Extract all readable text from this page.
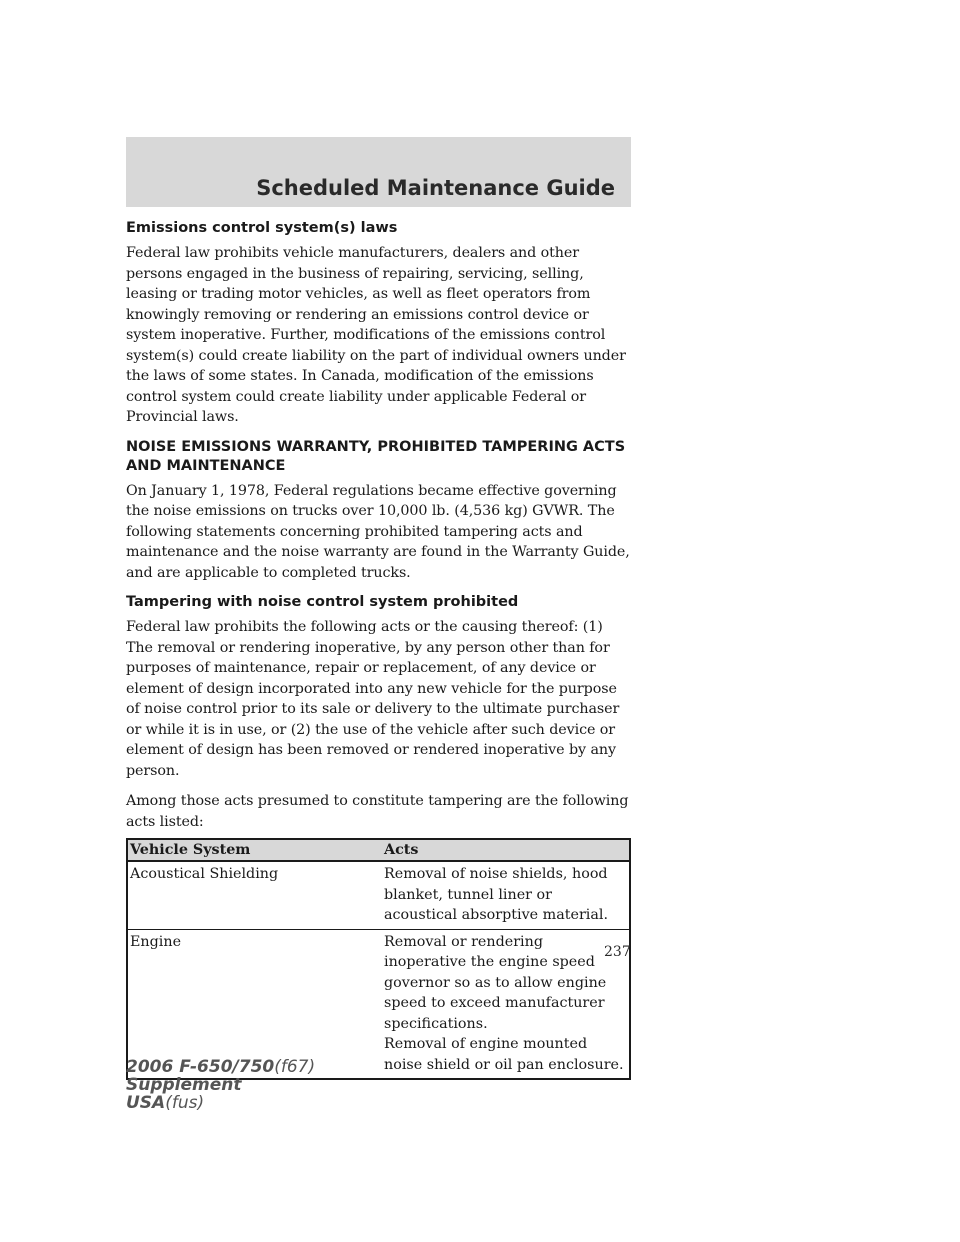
Scheduled Maintenance Guide
Emissions control system(s) laws

Federal law prohibits vehicle manufacturers, dealers and other persons engaged in the business of repairing, servicing, selling, leasing or trading motor vehicles, as well as fleet operators from knowingly removing or rendering an emissions control device or system inoperative. Further, modifications of the emissions control system(s) could create liability on the part of individual owners under the laws of some states. In Canada, modification of the emissions control system could create liability under applicable Federal or Provincial laws.

NOISE EMISSIONS WARRANTY, PROHIBITED TAMPERING ACTS
AND MAINTENANCE

On January 1, 1978, Federal regulations became effective governing the noise emissions on trucks over 10,000 lb. (4,536 kg) GVWR. The following statements concerning prohibited tampering acts and maintenance and the noise warranty are found in the Warranty Guide, and are applicable to completed trucks.

Tampering with noise control system prohibited

Federal law prohibits the following acts or the causing thereof: (1) The removal or rendering inoperative, by any person other than for purposes of maintenance, repair or replacement, of any device or element of design incorporated into any new vehicle for the purpose of noise control prior to its sale or delivery to the ultimate purchaser or while it is in use, or (2) the use of the vehicle after such device or element of design has been removed or rendered inoperative by any person.

Among those acts presumed to constitute tampering are the following acts listed:

Vehicle System	Acts
Acoustical Shielding	Removal of noise shields, hood blanket, tunnel liner or acoustical absorptive material.
Engine	Removal or rendering inoperative the engine speed governor so as to allow engine speed to exceed manufacturer specifications.
Removal of engine mounted noise shield or oil pan enclosure.
237
2006 F-650/750(f67)
Supplement
USA(fus)
